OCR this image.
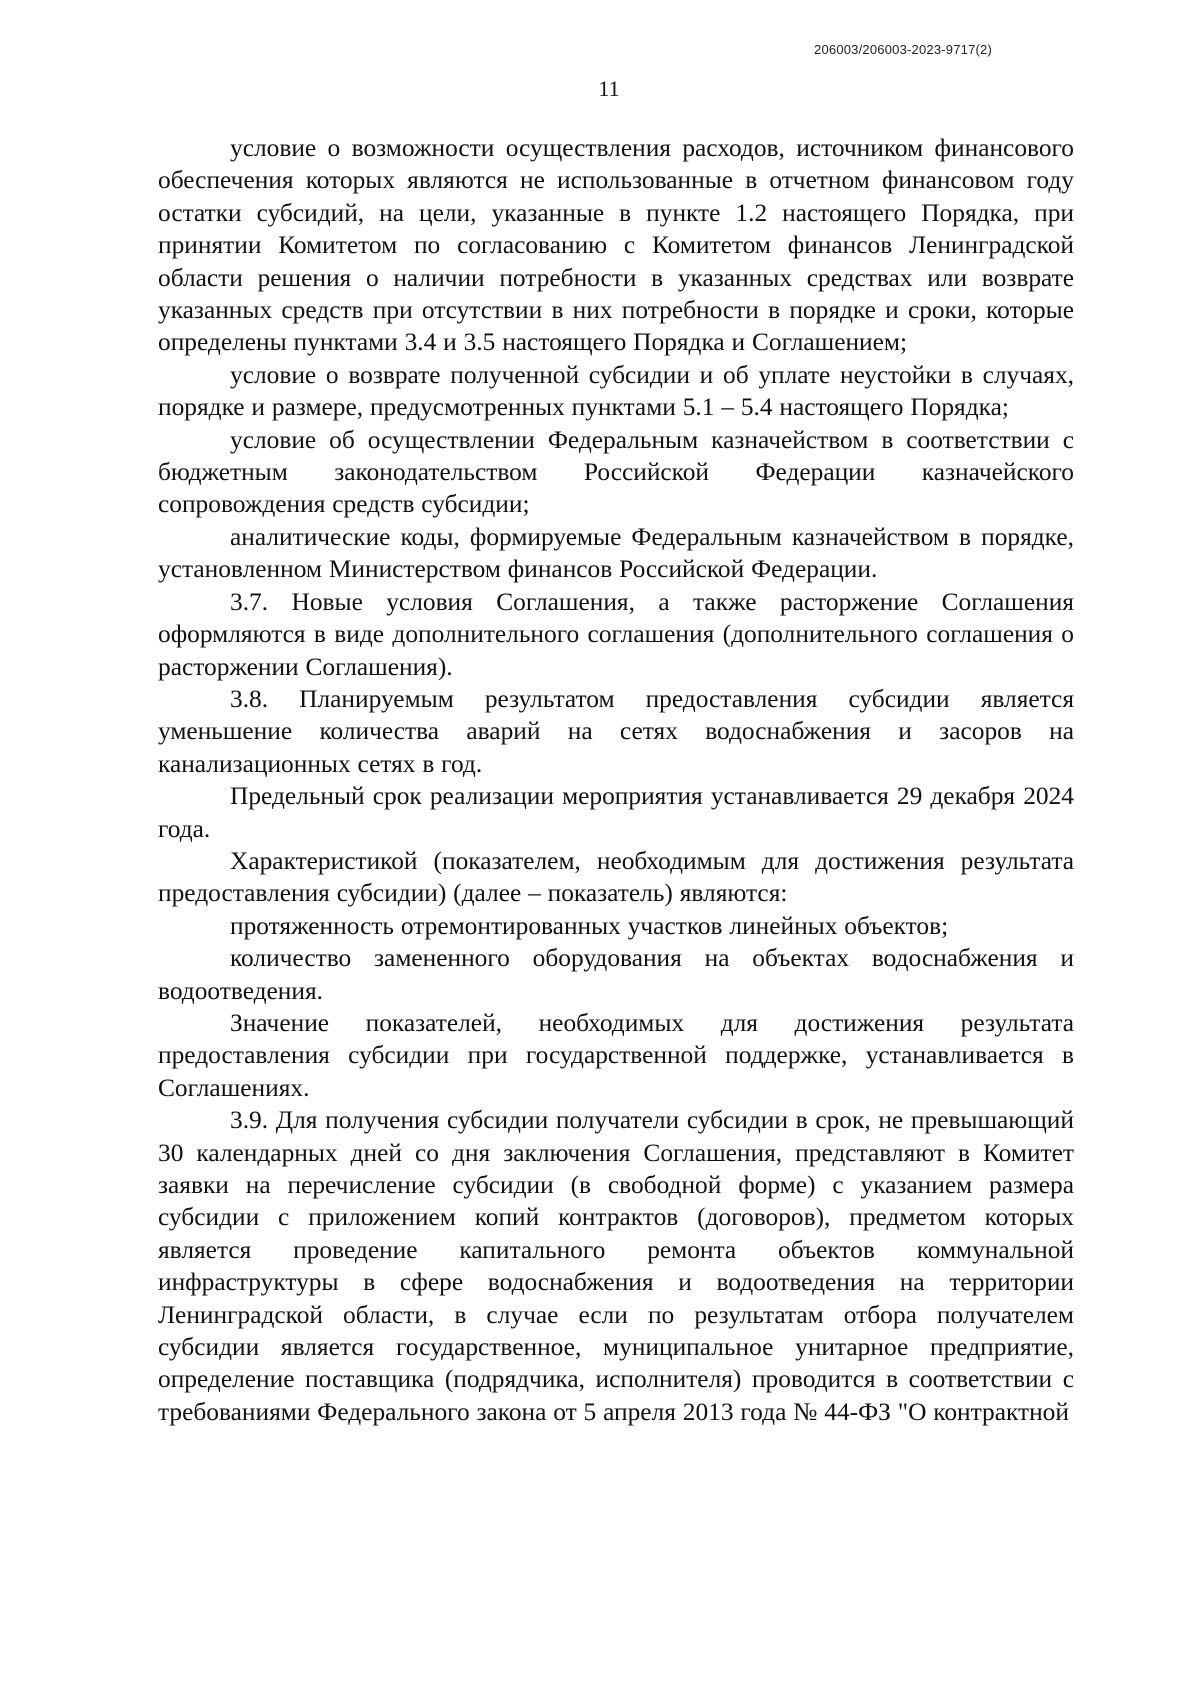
206003/206003-2023-9717(2)
11

условие о возможности осуществления расходов, источником финансового обеспечения которых являются не использованные в отчетном финансовом году остатки субсидий, на цели, указанные в пункте 1.2 настоящего Порядка, при принятии Комитетом по согласованию с Комитетом финансов Ленинградской области решения о наличии потребности в указанных средствах или возврате указанных средств при отсутствии в них потребности в порядке и сроки, которые определены пунктами 3.4 и 3.5 настоящего Порядка и Соглашением;

условие о возврате полученной субсидии и об уплате неустойки в случаях, порядке и размере, предусмотренных пунктами 5.1 – 5.4 настоящего Порядка;

условие об осуществлении Федеральным казначейством в соответствии с бюджетным законодательством Российской Федерации казначейского сопровождения средств субсидии;

аналитические коды, формируемые Федеральным казначейством в порядке, установленном Министерством финансов Российской Федерации.

3.7. Новые условия Соглашения, а также расторжение Соглашения оформляются в виде дополнительного соглашения (дополнительного соглашения о расторжении Соглашения).

3.8. Планируемым результатом предоставления субсидии является уменьшение количества аварий на сетях водоснабжения и засоров на канализационных сетях в год.

Предельный срок реализации мероприятия устанавливается 29 декабря 2024 года.

Характеристикой (показателем, необходимым для достижения результата предоставления субсидии) (далее – показатель) являются:

протяженность отремонтированных участков линейных объектов;

количество замененного оборудования на объектах водоснабжения и водоотведения.

Значение показателей, необходимых для достижения результата предоставления субсидии при государственной поддержке, устанавливается в Соглашениях.

3.9. Для получения субсидии получатели субсидии в срок, не превышающий 30 календарных дней со дня заключения Соглашения, представляют в Комитет заявки на перечисление субсидии (в свободной форме) с указанием размера субсидии с приложением копий контрактов (договоров), предметом которых является проведение капитального ремонта объектов коммунальной инфраструктуры в сфере водоснабжения и водоотведения на территории Ленинградской области, в случае если по результатам отбора получателем субсидии является государственное, муниципальное унитарное предприятие, определение поставщика (подрядчика, исполнителя) проводится в соответствии с требованиями Федерального закона от 5 апреля 2013 года № 44-ФЗ "О контрактной
